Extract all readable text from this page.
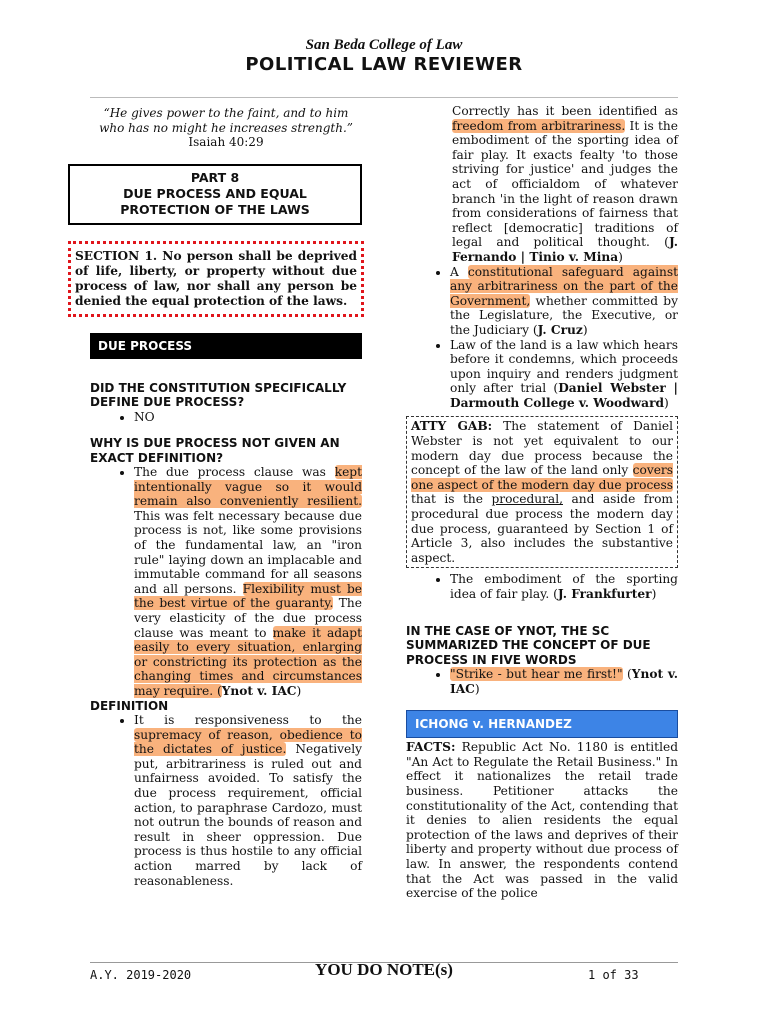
San Beda College of Law
POLITICAL LAW REVIEWER
“He gives power to the faint, and to him
who has no might he increases strength.”
Isaiah 40:29
PART 8
DUE PROCESS AND EQUAL
PROTECTION OF THE LAWS
SECTION 1. No person shall be deprived of life, liberty, or property without due process of law, nor shall any person be denied the equal protection of the laws.
DUE PROCESS
DID THE CONSTITUTION SPECIFICALLY DEFINE DUE PROCESS?
• NO
WHY IS DUE PROCESS NOT GIVEN AN EXACT DEFINITION?
• The due process clause was kept intentionally vague so it would remain also conveniently resilient. This was felt necessary because due process is not, like some provisions of the fundamental law, an "iron rule" laying down an implacable and immutable command for all seasons and all persons. Flexibility must be the best virtue of the guaranty. The very elasticity of the due process clause was meant to make it adapt easily to every situation, enlarging or constricting its protection as the changing times and circumstances may require. (Ynot v. IAC)
DEFINITION
• It is responsiveness to the supremacy of reason, obedience to the dictates of justice. Negatively put, arbitrariness is ruled out and unfairness avoided. To satisfy the due process requirement, official action, to paraphrase Cardozo, must not outrun the bounds of reason and result in sheer oppression. Due process is thus hostile to any official action marred by lack of reasonableness.
Correctly has it been identified as freedom from arbitrariness. It is the embodiment of the sporting idea of fair play. It exacts fealty 'to those striving for justice' and judges the act of officialdom of whatever branch 'in the light of reason drawn from considerations of fairness that reflect [democratic] traditions of legal and political thought. (J. Fernando | Tinio v. Mina)
• A constitutional safeguard against any arbitrariness on the part of the Government, whether committed by the Legislature, the Executive, or the Judiciary (J. Cruz)
• Law of the land is a law which hears before it condemns, which proceeds upon inquiry and renders judgment only after trial (Daniel Webster | Darmouth College v. Woodward)
ATTY GAB: The statement of Daniel Webster is not yet equivalent to our modern day due process because the concept of the law of the land only covers one aspect of the modern day due process that is the procedural, and aside from procedural due process the modern day due process, guaranteed by Section 1 of Article 3, also includes the substantive aspect.
• The embodiment of the sporting idea of fair play. (J. Frankfurter)
IN THE CASE OF YNOT, THE SC SUMMARIZED THE CONCEPT OF DUE PROCESS IN FIVE WORDS
• "Strike - but hear me first!" (Ynot v. IAC)
ICHONG v. HERNANDEZ
FACTS: Republic Act No. 1180 is entitled "An Act to Regulate the Retail Business." In effect it nationalizes the retail trade business. Petitioner attacks the constitutionality of the Act, contending that it denies to alien residents the equal protection of the laws and deprives of their liberty and property without due process of law. In answer, the respondents contend that the Act was passed in the valid exercise of the police
A.Y. 2019-2020	YOU DO NOTE(s)	1 of 33
